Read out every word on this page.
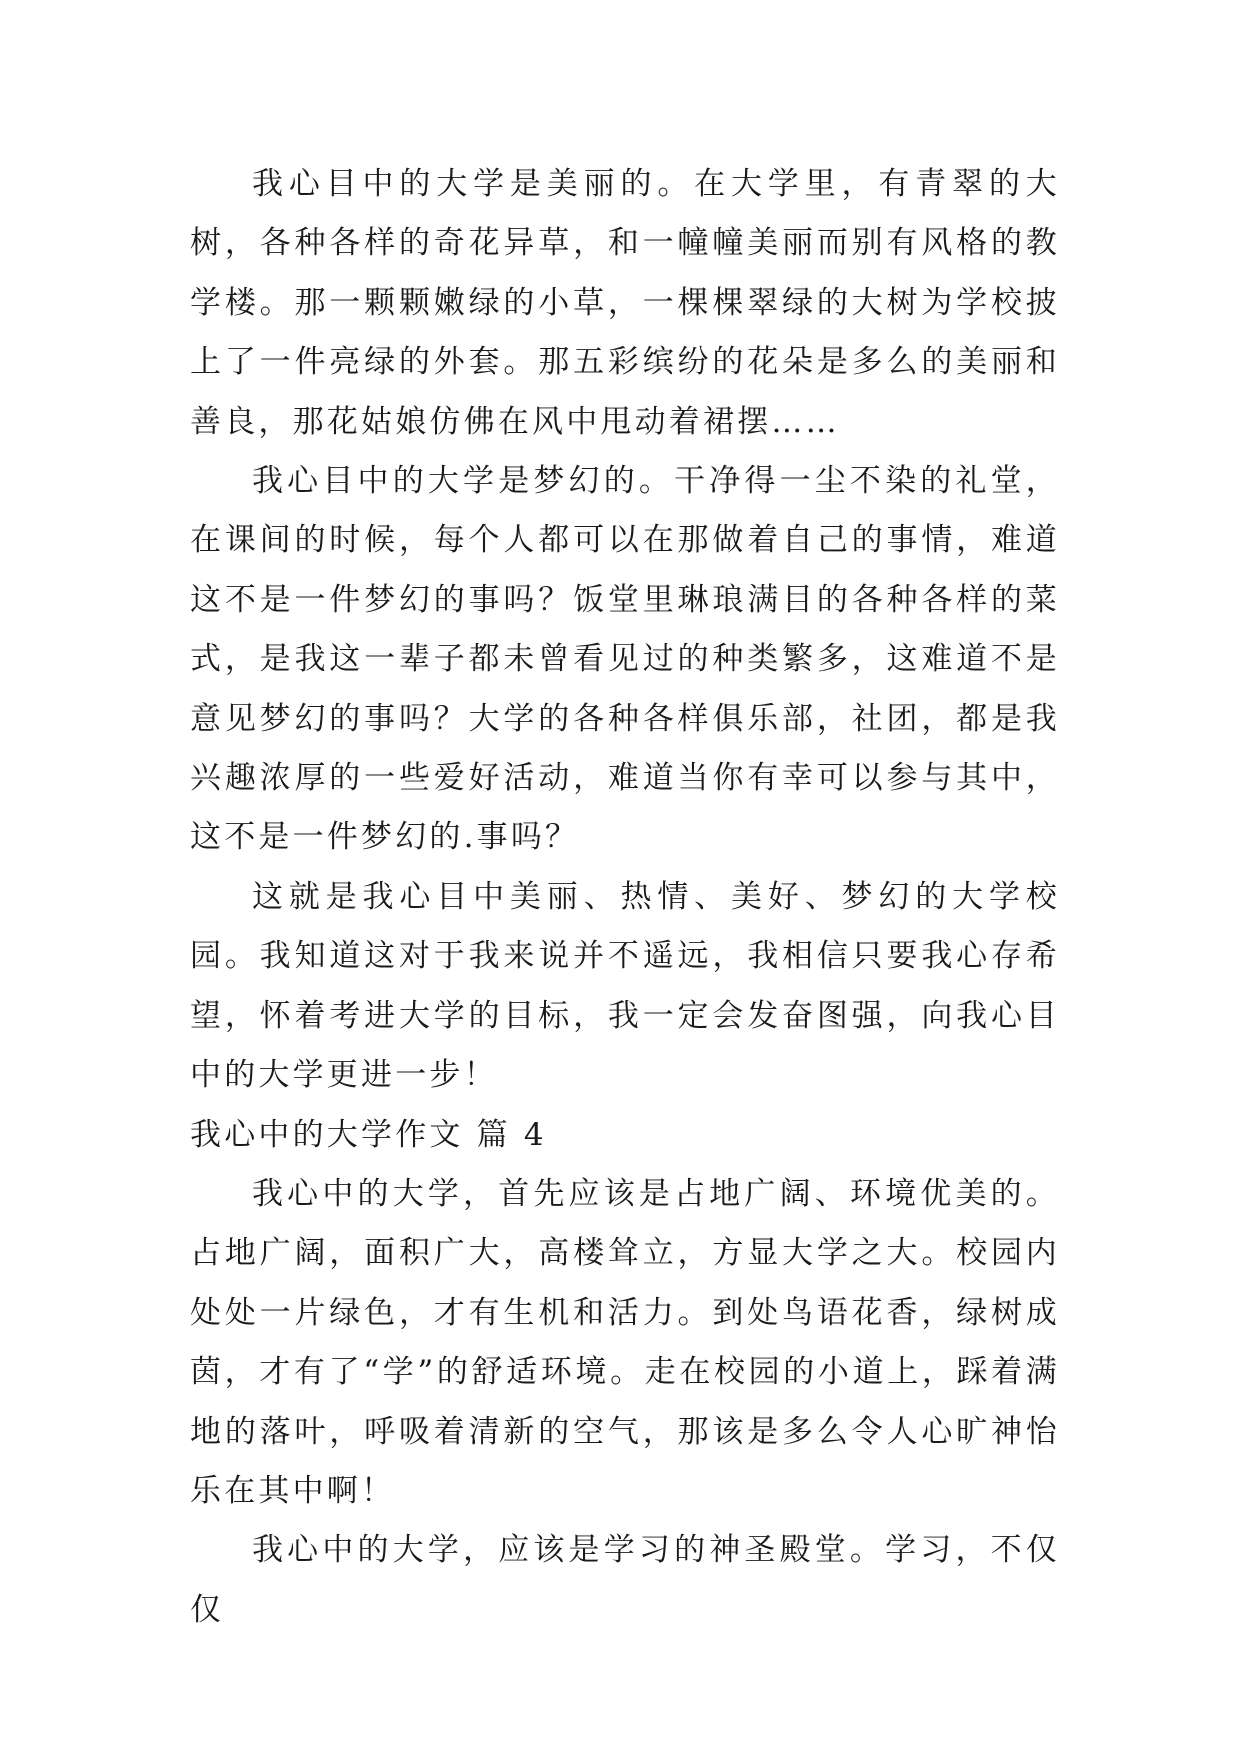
我心目中的大学是美丽的。在大学里，有青翠的大树，各种各样的奇花异草，和一幢幢美丽而别有风格的教学楼。那一颗颗嫩绿的小草，一棵棵翠绿的大树为学校披上了一件亮绿的外套。那五彩缤纷的花朵是多么的美丽和善良，那花姑娘仿佛在风中甩动着裙摆……

我心目中的大学是梦幻的。干净得一尘不染的礼堂，在课间的时候，每个人都可以在那做着自己的事情，难道这不是一件梦幻的事吗？饭堂里琳琅满目的各种各样的菜式，是我这一辈子都未曾看见过的种类繁多，这难道不是意见梦幻的事吗？大学的各种各样俱乐部，社团，都是我兴趣浓厚的一些爱好活动，难道当你有幸可以参与其中，这不是一件梦幻的.事吗？

这就是我心目中美丽、热情、美好、梦幻的大学校园。我知道这对于我来说并不遥远，我相信只要我心存希望，怀着考进大学的目标，我一定会发奋图强，向我心目中的大学更进一步！

我心中的大学作文 篇 4

我心中的大学，首先应该是占地广阔、环境优美的。占地广阔，面积广大，高楼耸立，方显大学之大。校园内处处一片绿色，才有生机和活力。到处鸟语花香，绿树成茵，才有了“学”的舒适环境。走在校园的小道上，踩着满地的落叶，呼吸着清新的空气，那该是多么令人心旷神怡乐在其中啊！

我心中的大学，应该是学习的神圣殿堂。学习，不仅仅
